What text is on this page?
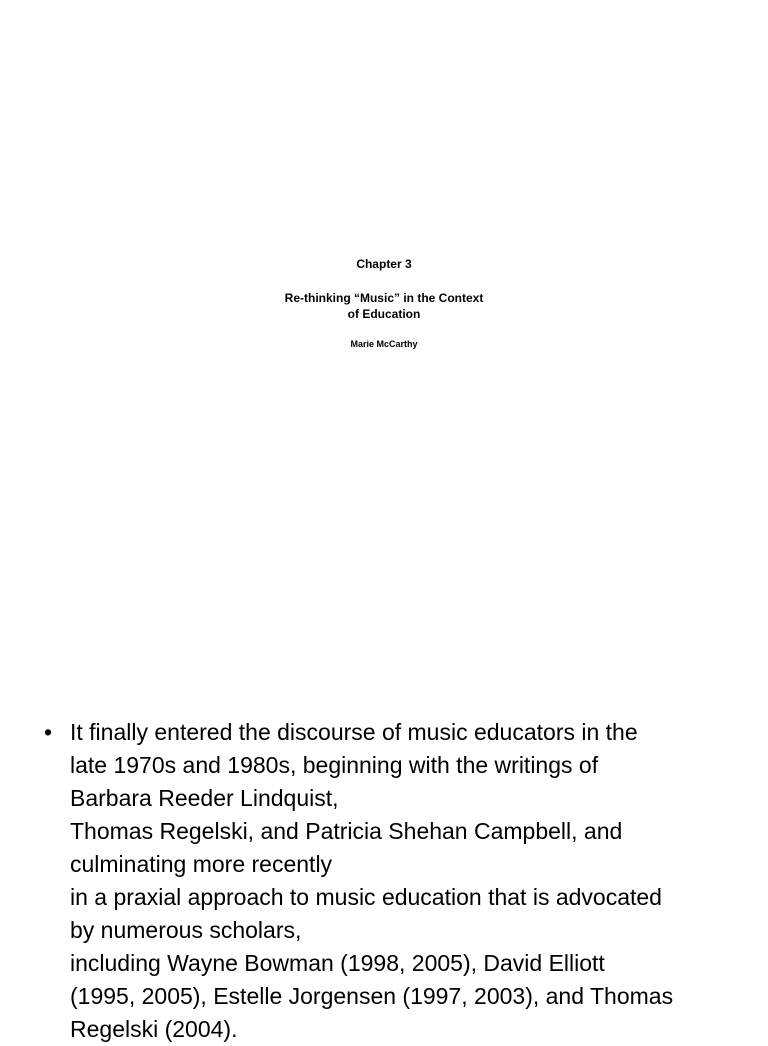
Chapter 3

Re-thinking “Music” in the Context
of Education

Marie McCarthy

• It finally entered the discourse of music educators in the
late 1970s and 1980s, beginning with the writings of
Barbara Reeder Lindquist,
Thomas Regelski, and Patricia Shehan Campbell, and
culminating more recently
in a praxial approach to music education that is advocated
by numerous scholars,
including Wayne Bowman (1998, 2005), David Elliott
(1995, 2005), Estelle Jorgensen (1997, 2003), and Thomas
Regelski (2004).
